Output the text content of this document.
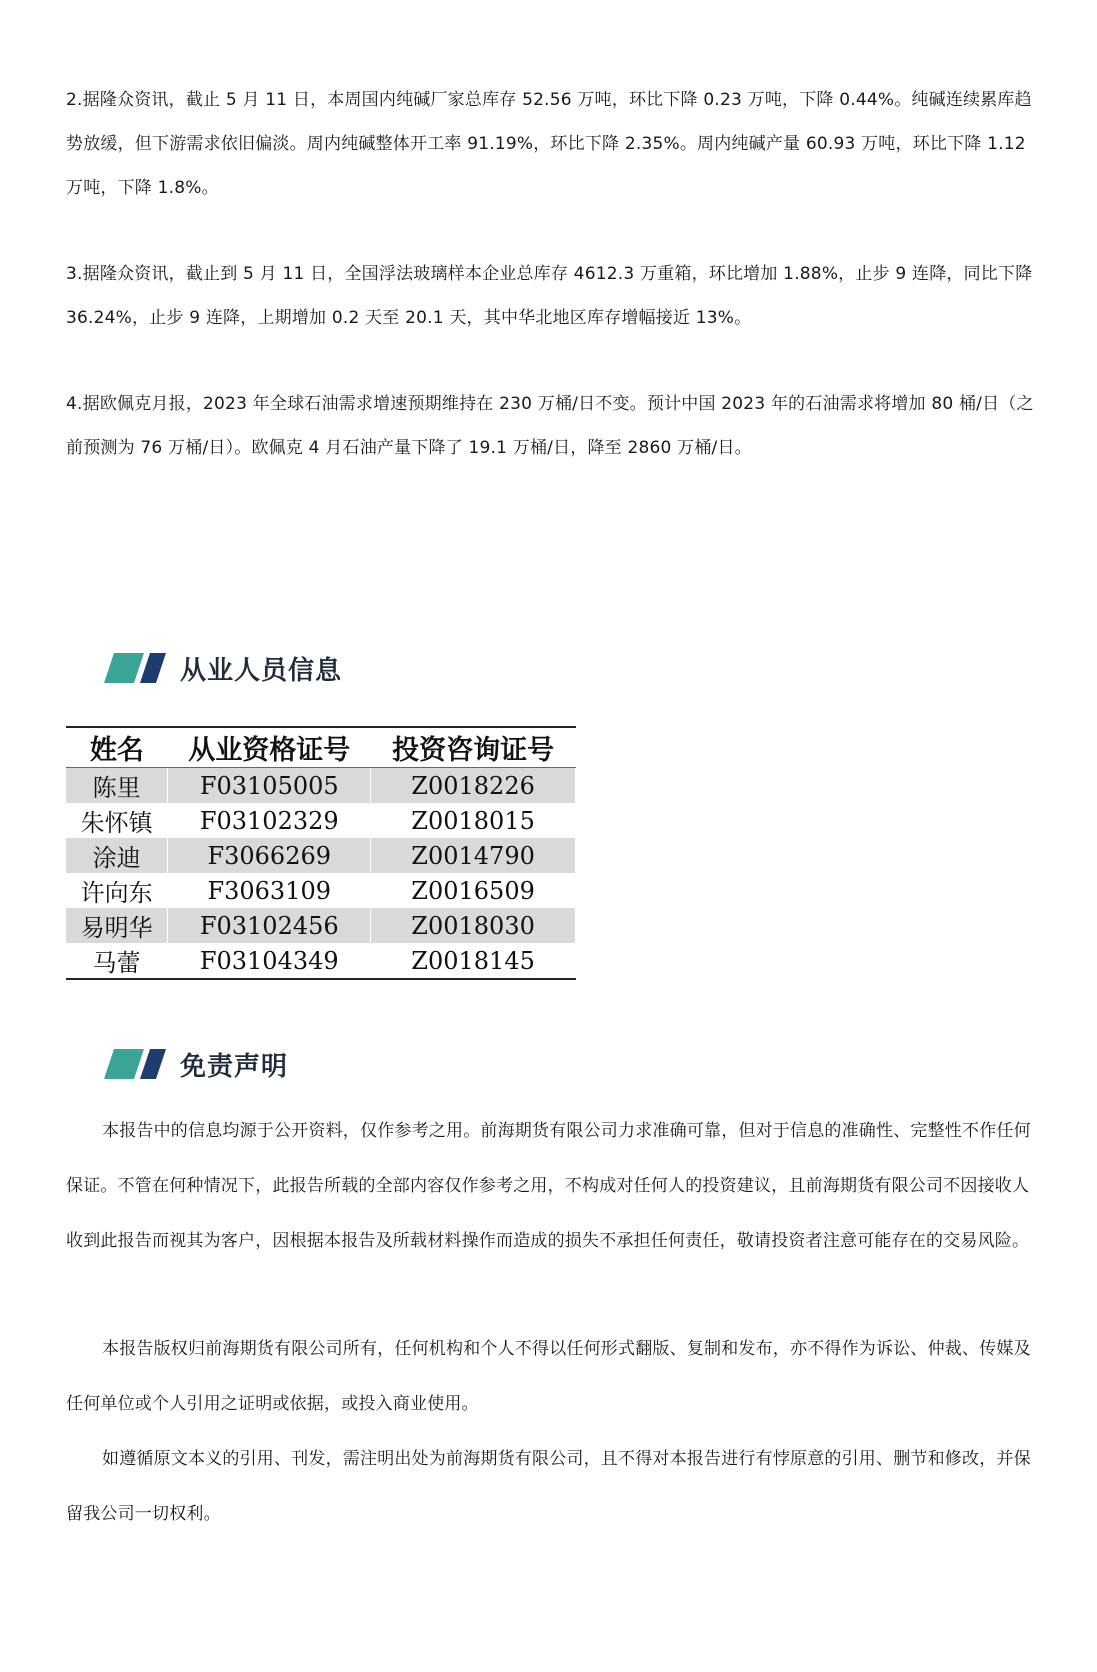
2.据隆众资讯，截止 5 月 11 日，本周国内纯碱厂家总库存 52.56 万吨，环比下降 0.23 万吨，下降 0.44%。纯碱连续累库趋势放缓，但下游需求依旧偏淡。周内纯碱整体开工率 91.19%，环比下降 2.35%。周内纯碱产量 60.93 万吨，环比下降 1.12 万吨，下降 1.8%。

3.据隆众资讯，截止到 5 月 11 日，全国浮法玻璃样本企业总库存 4612.3 万重箱，环比增加 1.88%，止步 9 连降，同比下降 36.24%，止步 9 连降，上期增加 0.2 天至 20.1 天，其中华北地区库存增幅接近 13%。

4.据欧佩克月报，2023 年全球石油需求增速预期维持在 230 万桶/日不变。预计中国 2023 年的石油需求将增加 80 桶/日（之前预测为 76 万桶/日）。欧佩克 4 月石油产量下降了 19.1 万桶/日，降至 2860 万桶/日。

从业人员信息
姓名	从业资格证号	投资咨询证号
陈里	F03105005	Z0018226
朱怀镇	F03102329	Z0018015
涂迪	F3066269	Z0014790
许向东	F3063109	Z0016509
易明华	F03102456	Z0018030
马蕾	F03104349	Z0018145
免责声明

本报告中的信息均源于公开资料，仅作参考之用。前海期货有限公司力求准确可靠，但对于信息的准确性、完整性不作任何保证。不管在何种情况下，此报告所载的全部内容仅作参考之用，不构成对任何人的投资建议，且前海期货有限公司不因接收人收到此报告而视其为客户，因根据本报告及所载材料操作而造成的损失不承担任何责任，敬请投资者注意可能存在的交易风险。

本报告版权归前海期货有限公司所有，任何机构和个人不得以任何形式翻版、复制和发布，亦不得作为诉讼、仲裁、传媒及任何单位或个人引用之证明或依据，或投入商业使用。

如遵循原文本义的引用、刊发，需注明出处为前海期货有限公司，且不得对本报告进行有悖原意的引用、删节和修改，并保留我公司一切权利。
